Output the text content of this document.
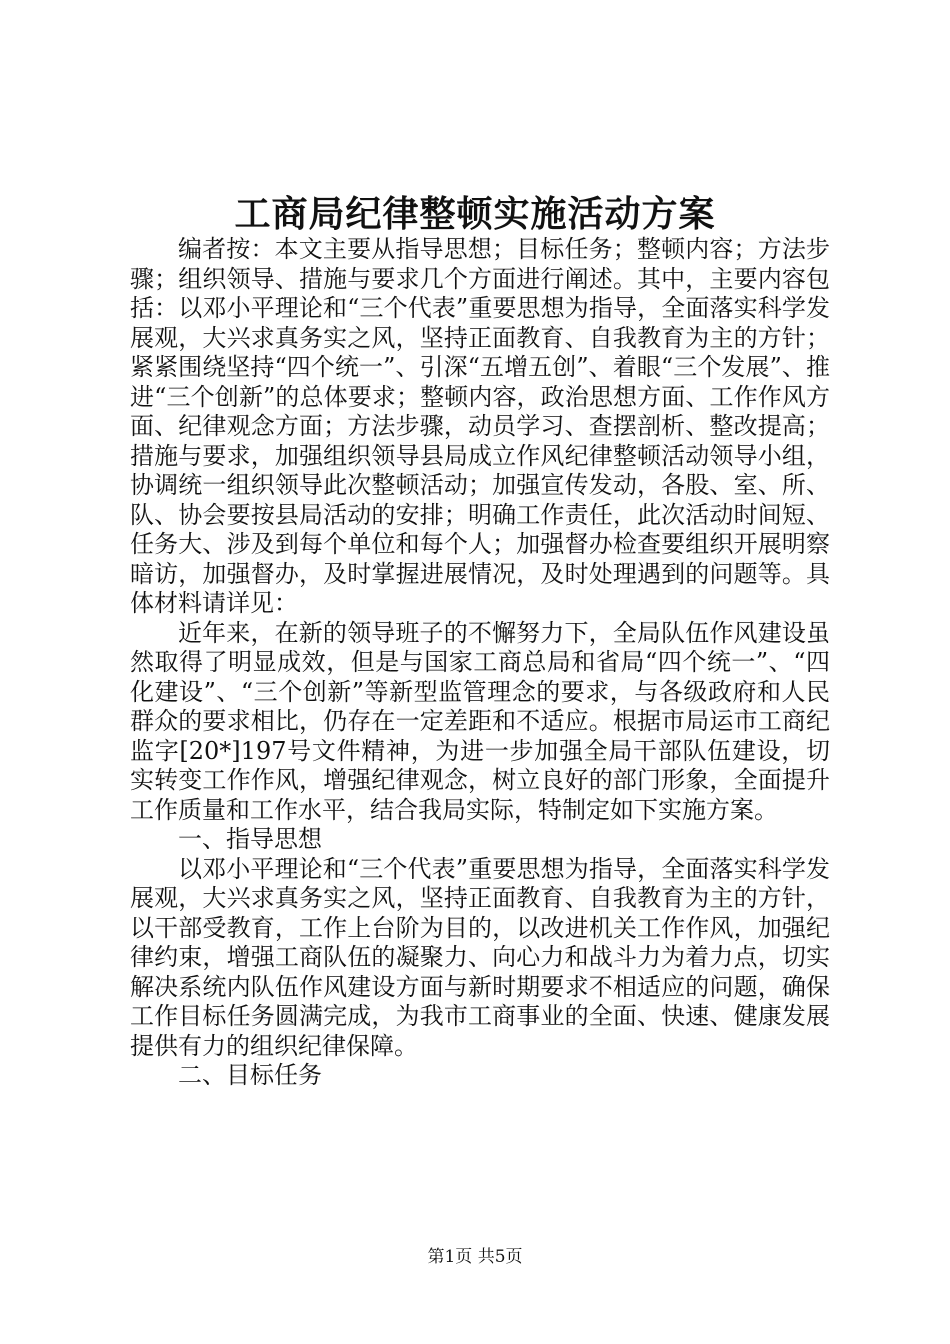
工商局纪律整顿实施活动方案

编者按：本文主要从指导思想；目标任务；整顿内容；方法步骤；组织领导、措施与要求几个方面进行阐述。其中，主要内容包括：以邓小平理论和“三个代表”重要思想为指导，全面落实科学发展观，大兴求真务实之风，坚持正面教育、自我教育为主的方针；紧紧围绕坚持“四个统一”、引深“五增五创”、着眼“三个发展”、推进“三个创新”的总体要求；整顿内容，政治思想方面、工作作风方面、纪律观念方面；方法步骤，动员学习、查摆剖析、整改提高；措施与要求，加强组织领导县局成立作风纪律整顿活动领导小组，协调统一组织领导此次整顿活动；加强宣传发动，各股、室、所、队、协会要按县局活动的安排；明确工作责任，此次活动时间短、任务大、涉及到每个单位和每个人；加强督办检查要组织开展明察暗访，加强督办，及时掌握进展情况，及时处理遇到的问题等。具体材料请详见：

近年来，在新的领导班子的不懈努力下，全局队伍作风建设虽然取得了明显成效，但是与国家工商总局和省局“四个统一”、“四化建设”、“三个创新”等新型监管理念的要求，与各级政府和人民群众的要求相比，仍存在一定差距和不适应。根据市局运市工商纪监字[20*]197号文件精神，为进一步加强全局干部队伍建设，切实转变工作作风，增强纪律观念，树立良好的部门形象，全面提升工作质量和工作水平，结合我局实际，特制定如下实施方案。

一、指导思想

以邓小平理论和“三个代表”重要思想为指导，全面落实科学发展观，大兴求真务实之风，坚持正面教育、自我教育为主的方针，以干部受教育，工作上台阶为目的，以改进机关工作作风，加强纪律约束，增强工商队伍的凝聚力、向心力和战斗力为着力点，切实解决系统内队伍作风建设方面与新时期要求不相适应的问题，确保工作目标任务圆满完成，为我市工商事业的全面、快速、健康发展提供有力的组织纪律保障。

二、目标任务

第1页 共5页
